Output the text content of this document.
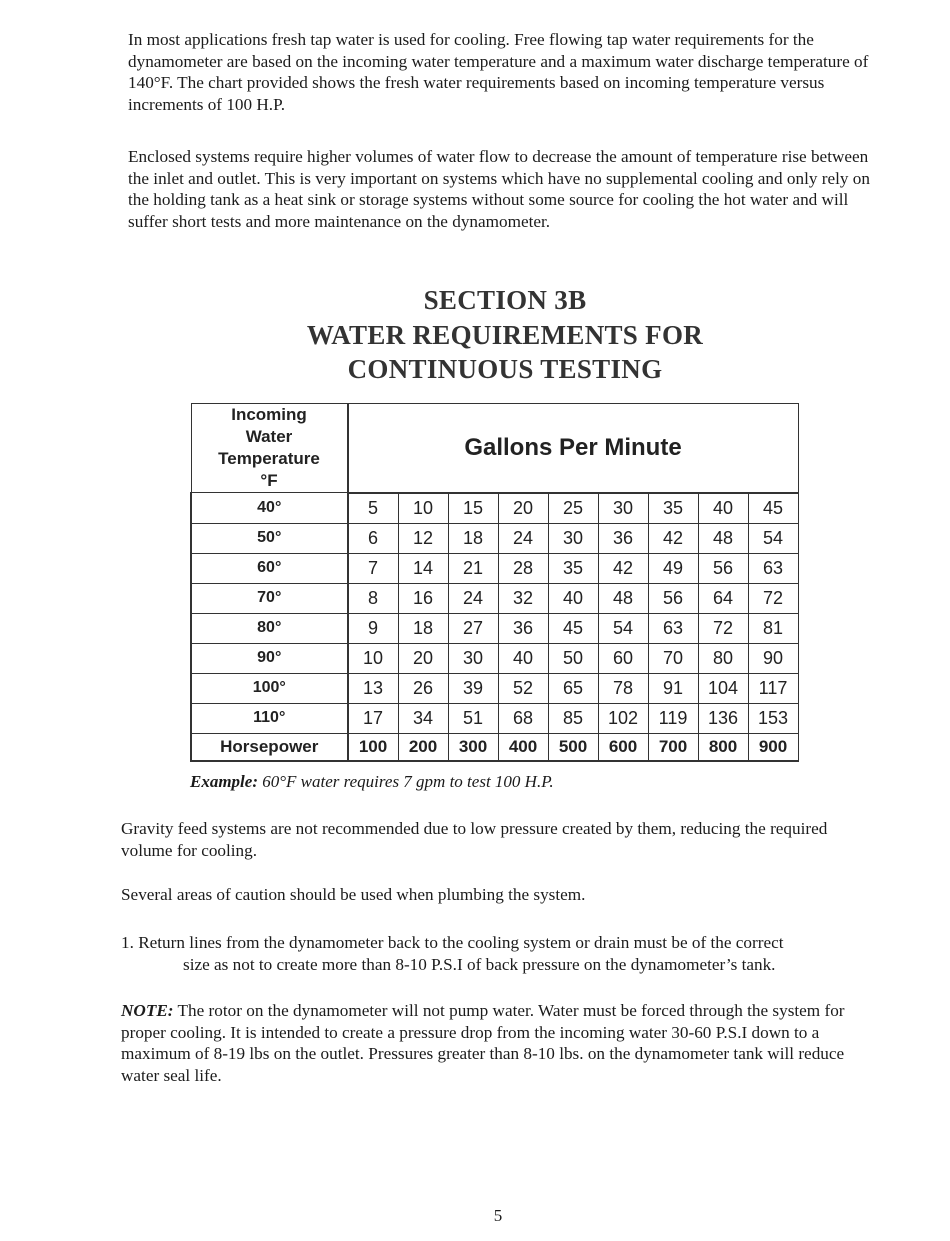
In most applications fresh tap water is used for cooling. Free flowing tap water requirements for the dynamometer are based on the incoming water temperature and a maximum water discharge temperature of 140°F. The chart provided shows the fresh water requirements based on incoming temperature versus increments of 100 H.P.

Enclosed systems require higher volumes of water flow to decrease the amount of temperature rise between the inlet and outlet. This is very important on systems which have no supplemental cooling and only rely on the holding tank as a heat sink or storage systems without some source for cooling the hot water and will suffer short tests and more maintenance on the dynamometer.

SECTION 3B
WATER REQUIREMENTS FOR
CONTINUOUS TESTING
Incoming
Water
Temperature
°F	Gallons Per Minute								
40°	5	10	15	20	25	30	35	40	45
50°	6	12	18	24	30	36	42	48	54
60°	7	14	21	28	35	42	49	56	63
70°	8	16	24	32	40	48	56	64	72
80°	9	18	27	36	45	54	63	72	81
90°	10	20	30	40	50	60	70	80	90
100°	13	26	39	52	65	78	91	104	117
110°	17	34	51	68	85	102	119	136	153
Horsepower	100	200	300	400	500	600	700	800	900
Example: 60°F water requires 7 gpm to test 100 H.P.

Gravity feed systems are not recommended due to low pressure created by them, reducing the required volume for cooling.

Several areas of caution should be used when plumbing the system.

1. Return lines from the dynamometer back to the cooling system or drain must be of the correct
size as not to create more than 8-10 P.S.I of back pressure on the dynamometer’s tank.

NOTE: The rotor on the dynamometer will not pump water. Water must be forced through the system for proper cooling. It is intended to create a pressure drop from the incoming water 30-60 P.S.I down to a maximum of 8-19 lbs on the outlet. Pressures greater than 8-10 lbs. on the dynamometer tank will reduce water seal life.

5
